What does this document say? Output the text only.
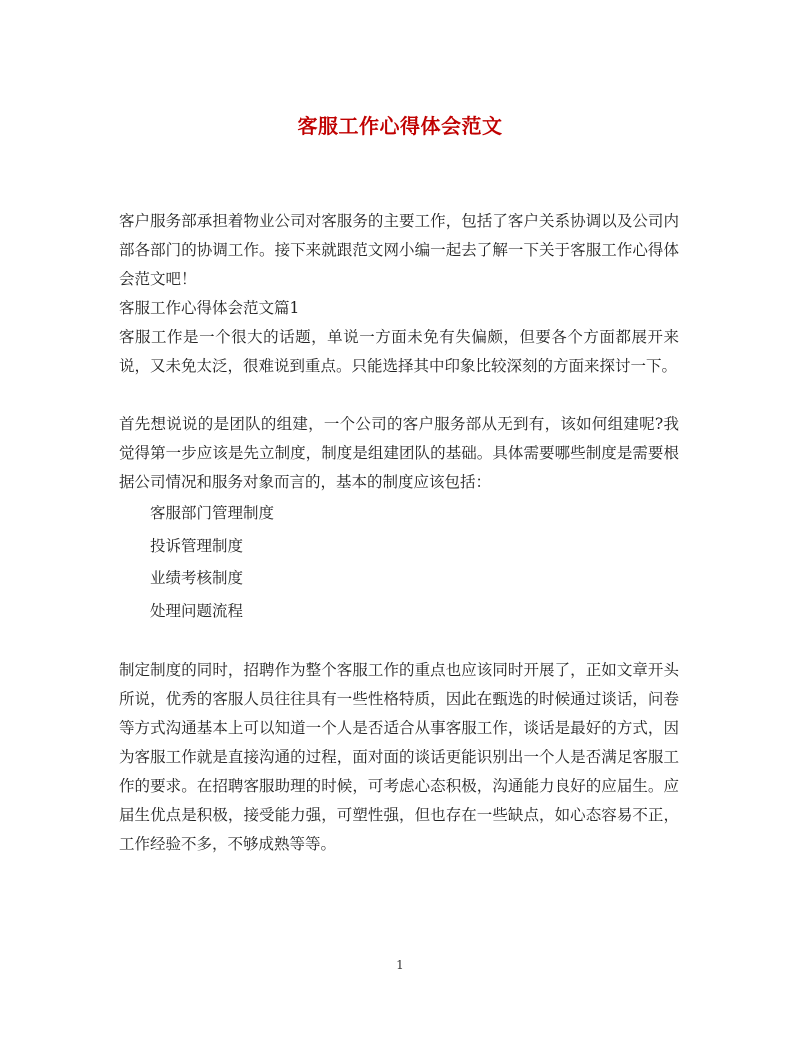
客服工作心得体会范文

客户服务部承担着物业公司对客服务的主要工作，包括了客户关系协调以及公司内部各部门的协调工作。接下来就跟范文网小编一起去了解一下关于客服工作心得体会范文吧！

客服工作心得体会范文篇1

客服工作是一个很大的话题，单说一方面未免有失偏颇，但要各个方面都展开来说，又未免太泛，很难说到重点。只能选择其中印象比较深刻的方面来探讨一下。

首先想说说的是团队的组建，一个公司的客户服务部从无到有，该如何组建呢?我觉得第一步应该是先立制度，制度是组建团队的基础。具体需要哪些制度是需要根据公司情况和服务对象而言的，基本的制度应该包括：

客服部门管理制度

投诉管理制度

业绩考核制度

处理问题流程

制定制度的同时，招聘作为整个客服工作的重点也应该同时开展了，正如文章开头所说，优秀的客服人员往往具有一些性格特质，因此在甄选的时候通过谈话，问卷等方式沟通基本上可以知道一个人是否适合从事客服工作，谈话是最好的方式，因为客服工作就是直接沟通的过程，面对面的谈话更能识别出一个人是否满足客服工作的要求。在招聘客服助理的时候，可考虑心态积极，沟通能力良好的应届生。应届生优点是积极，接受能力强，可塑性强，但也存在一些缺点，如心态容易不正，工作经验不多，不够成熟等等。

1
